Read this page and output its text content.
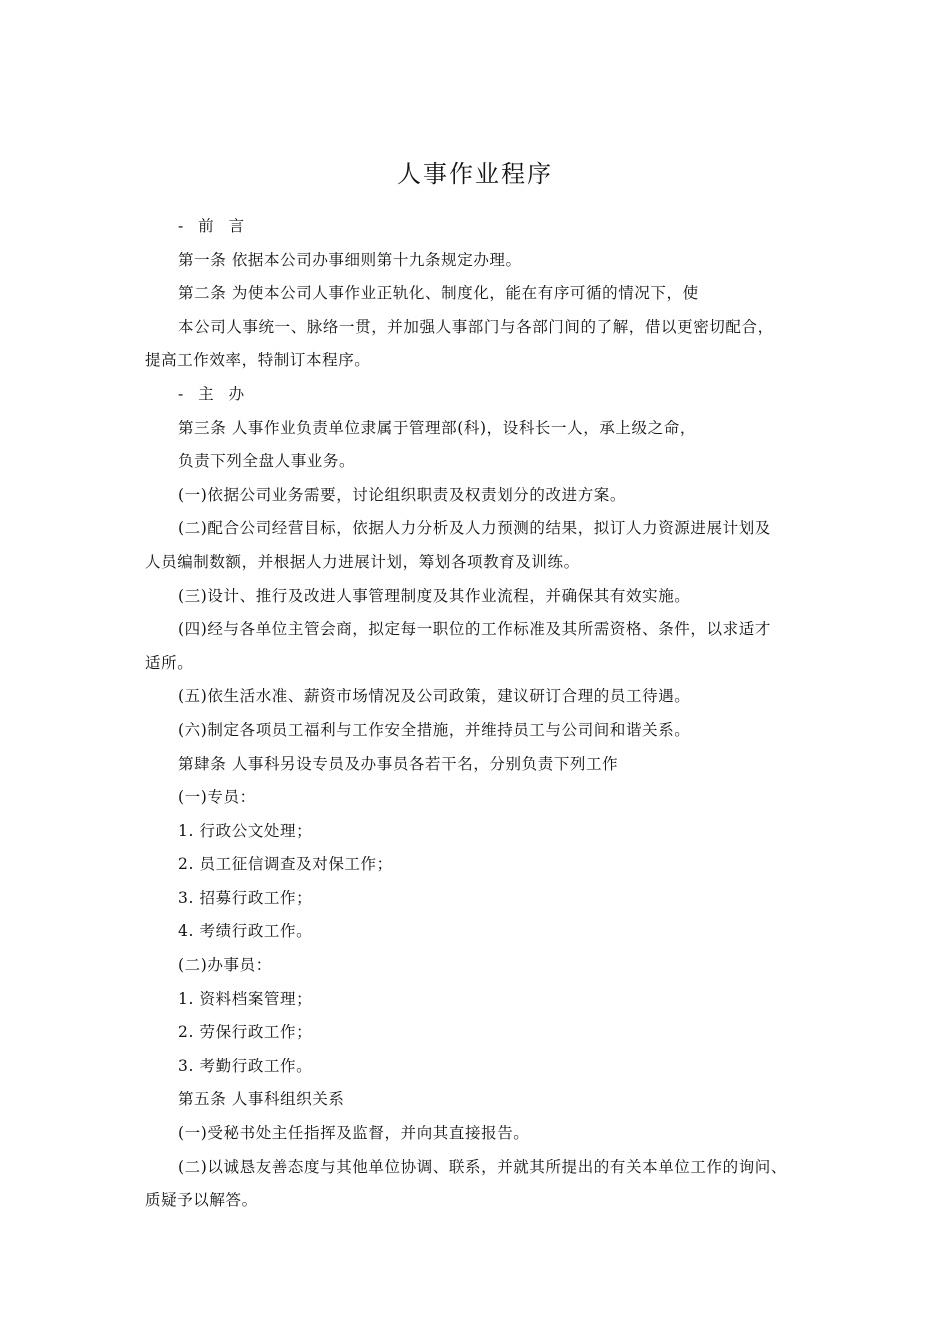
人事作业程序
- 前 言
第一条 依据本公司办事细则第十九条规定办理。
第二条 为使本公司人事作业正轨化、制度化，能在有序可循的情况下，使
本公司人事统一、脉络一贯，并加强人事部门与各部门间的了解，借以更密切配合，
提高工作效率，特制订本程序。
- 主 办
第三条 人事作业负责单位隶属于管理部(科)，设科长一人，承上级之命，
负责下列全盘人事业务。
(一)依据公司业务需要，讨论组织职责及权责划分的改进方案。
(二)配合公司经营目标，依据人力分析及人力预测的结果，拟订人力资源进展计划及
人员编制数额，并根据人力进展计划，筹划各项教育及训练。
(三)设计、推行及改进人事管理制度及其作业流程，并确保其有效实施。
(四)经与各单位主管会商，拟定每一职位的工作标准及其所需资格、条件，以求适才
适所。
(五)依生活水准、薪资市场情况及公司政策，建议研订合理的员工待遇。
(六)制定各项员工福利与工作安全措施，并维持员工与公司间和谐关系。
第肆条 人事科另设专员及办事员各若干名，分别负责下列工作
(一)专员：
1. 行政公文处理；
2. 员工征信调查及对保工作；
3. 招募行政工作；
4. 考绩行政工作。
(二)办事员：
1. 资料档案管理；
2. 劳保行政工作；
3. 考勤行政工作。
第五条 人事科组织关系
(一)受秘书处主任指挥及监督，并向其直接报告。
(二)以诚恳友善态度与其他单位协调、联系，并就其所提出的有关本单位工作的询问、
质疑予以解答。
